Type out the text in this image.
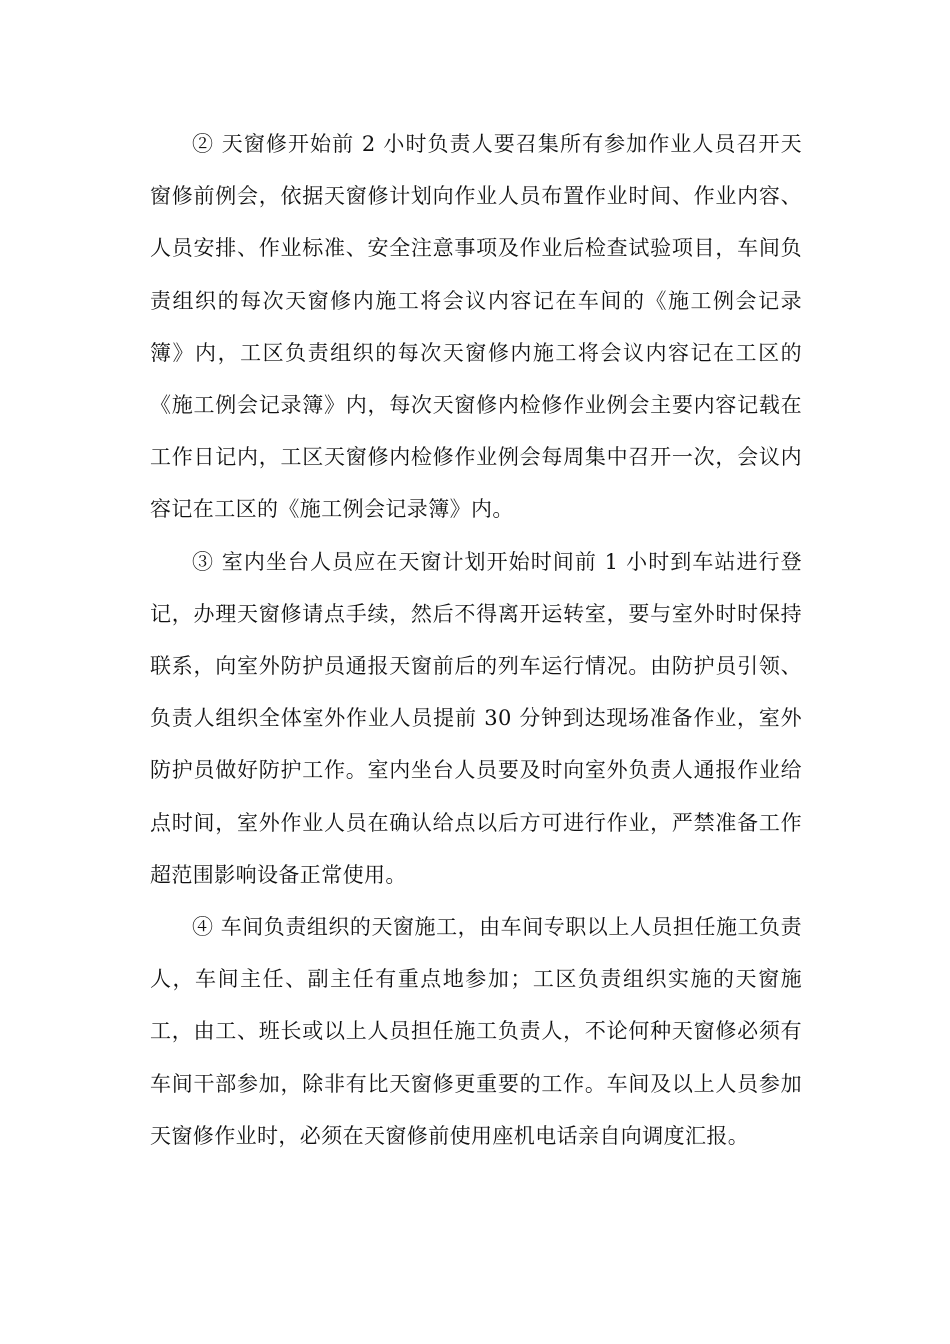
② 天窗修开始前 2 小时负责人要召集所有参加作业人员召开天窗修前例会，依据天窗修计划向作业人员布置作业时间、作业内容、人员安排、作业标准、安全注意事项及作业后检查试验项目，车间负责组织的每次天窗修内施工将会议内容记在车间的《施工例会记录簿》内，工区负责组织的每次天窗修内施工将会议内容记在工区的《施工例会记录簿》内，每次天窗修内检修作业例会主要内容记载在工作日记内，工区天窗修内检修作业例会每周集中召开一次，会议内容记在工区的《施工例会记录簿》内。

③ 室内坐台人员应在天窗计划开始时间前 1 小时到车站进行登记，办理天窗修请点手续，然后不得离开运转室，要与室外时时保持联系，向室外防护员通报天窗前后的列车运行情况。由防护员引领、负责人组织全体室外作业人员提前 30 分钟到达现场准备作业，室外防护员做好防护工作。室内坐台人员要及时向室外负责人通报作业给点时间，室外作业人员在确认给点以后方可进行作业，严禁准备工作超范围影响设备正常使用。

④ 车间负责组织的天窗施工，由车间专职以上人员担任施工负责人，车间主任、副主任有重点地参加；工区负责组织实施的天窗施工，由工、班长或以上人员担任施工负责人，不论何种天窗修必须有车间干部参加，除非有比天窗修更重要的工作。车间及以上人员参加天窗修作业时，必须在天窗修前使用座机电话亲自向调度汇报。
